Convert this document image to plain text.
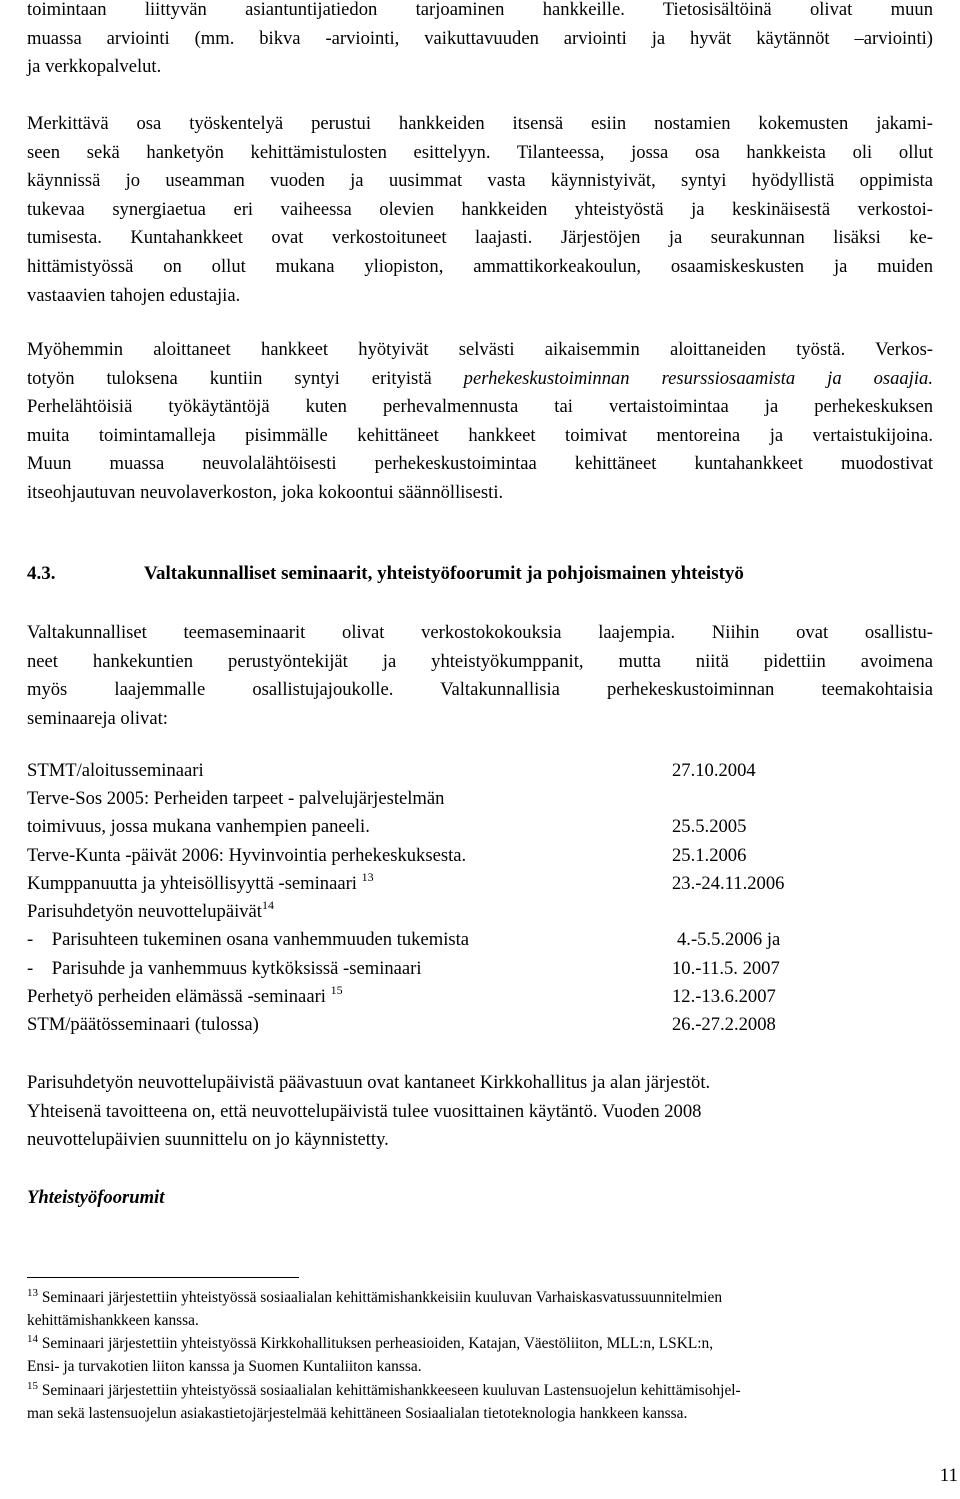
toimintaan liittyvän asiantuntijatiedon tarjoaminen hankkeille. Tietosisältöinä olivat muun
muassa arviointi (mm. bikva -arviointi, vaikuttavuuden arviointi ja hyvät käytännöt –arviointi)
ja verkkopalvelut.
Merkittävä osa työskentelyä perustui hankkeiden itsensä esiin nostamien kokemusten jakami-
seen sekä hanketyön kehittämistulosten esittelyyn. Tilanteessa, jossa osa hankkeista oli ollut
käynnissä jo useamman vuoden ja uusimmat vasta käynnistyivät, syntyi hyödyllistä oppimista
tukevaa synergiaetua eri vaiheessa olevien hankkeiden yhteistyöstä ja keskinäisestä verkostoi-
tumisesta. Kuntahankkeet ovat verkostoituneet laajasti. Järjestöjen ja seurakunnan lisäksi ke-
hittämistyössä on ollut mukana yliopiston, ammattikorkeakoulun, osaamiskeskusten ja muiden
vastaavien tahojen edustajia.
Myöhemmin aloittaneet hankkeet hyötyivät selvästi aikaisemmin aloittaneiden työstä. Verkos-
totyön tuloksena kuntiin syntyi erityistä perhekeskustoiminnan resurssiosaamista ja osaajia.
Perhelähtöisiä työkäytäntöjä kuten perhevalmennusta tai vertaistoimintaa ja perhekeskuksen
muita toimintamalleja pisimmälle kehittäneet hankkeet toimivat mentoreina ja vertaistukijoina.
Muun muassa neuvolalähtöisesti perhekeskustoimintaa kehittäneet kuntahankkeet muodostivat
itseohjautuvan neuvolaverkoston, joka kokoontui säännöllisesti.
4.3.	Valtakunnalliset seminaarit, yhteistyöfoorumit ja pohjoismainen yhteistyö
Valtakunnalliset teemaseminaarit olivat verkostokokouksia laajempia. Niihin ovat osallistu-
neet hankekuntien perustyöntekijät ja yhteistyökumppanit, mutta niitä pidettiin avoimena
myös laajemmalle osallistujajoukolle. Valtakunnallisia perhekeskustoiminnan teemakohtaisia
seminaareja olivat:
STMT/aloitusseminaari	27.10.2004
Terve-Sos 2005: Perheiden tarpeet - palvelujärjestelmän
toimivuus, jossa mukana vanhempien paneeli.	25.5.2005
Terve-Kunta -päivät 2006: Hyvinvointia perhekeskuksesta.	25.1.2006
Kumppanuutta ja yhteisöllisyyttä -seminaari $^{13}$	23.-24.11.2006
Parisuhdetyön neuvottelupäivät$^{14}$
-    Parisuhteen tukeminen osana vanhemmuuden tukemista	4.-5.5.2006 ja
-    Parisuhde ja vanhemmuus kytköksissä -seminaari	10.-11.5. 2007
Perhetyö perheiden elämässä -seminaari $^{15}$	12.-13.6.2007
STM/päätösseminaari (tulossa)	26.-27.2.2008
Parisuhdetyön neuvottelupäivistä päävastuun ovat kantaneet Kirkkohallitus ja alan järjestöt.
Yhteisenä tavoitteena on, että neuvottelupäivistä tulee vuosittainen käytäntö. Vuoden 2008
neuvottelupäivien suunnittelu on jo käynnistetty.
Yhteistyöfoorumit
$^{13}$ Seminaari järjestettiin yhteistyössä sosiaalialan kehittämishankkeisiin kuuluvan Varhaiskasvatussuunnitelmien
kehittämishankkeen kanssa.
$^{14}$ Seminaari järjestettiin yhteistyössä Kirkkohallituksen perheasioiden, Katajan, Väestöliiton, MLL:n, LSKL:n,
Ensi- ja turvakotien liiton kanssa ja Suomen Kuntaliiton kanssa.
$^{15}$ Seminaari järjestettiin yhteistyössä sosiaalialan kehittämishankkeeseen kuuluvan Lastensuojelun kehittämisohjel-
man sekä lastensuojelun asiakastietojärjestelmää kehittäneen Sosiaalialan tietoteknologia hankkeen kanssa.
11
